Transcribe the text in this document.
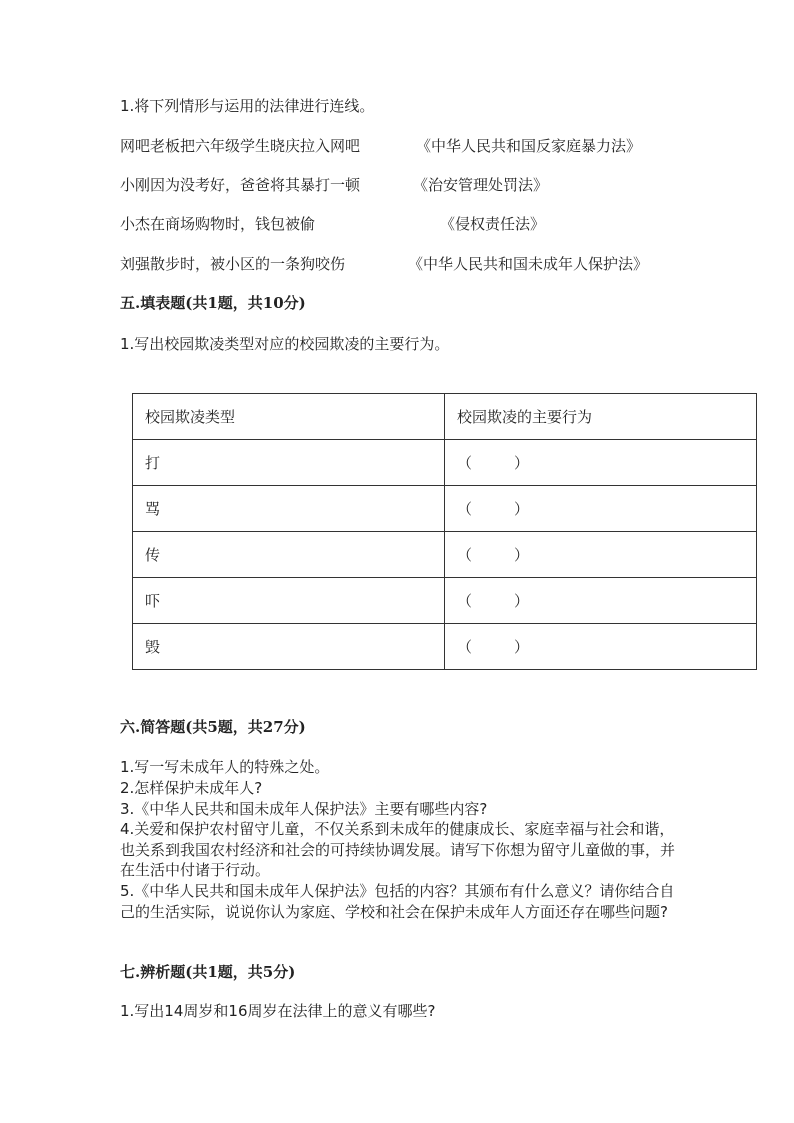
1.将下列情形与运用的法律进行连线。
网吧老板把六年级学生晓庆拉入网吧	《中华人民共和国反家庭暴力法》
小刚因为没考好，爸爸将其暴打一顿	《治安管理处罚法》
小杰在商场购物时，钱包被偷	《侵权责任法》
刘强散步时，被小区的一条狗咬伤	《中华人民共和国未成年人保护法》
五.填表题(共1题，共10分)
1.写出校园欺凌类型对应的校园欺凌的主要行为。
校园欺凌类型	校园欺凌的主要行为
打	（ ）

骂	（ ）

传	（ ）

吓	（ ）

毁	（ ）
六.简答题(共5题，共27分)
1.写一写未成年人的特殊之处。
2.怎样保护未成年人?
3.《中华人民共和国未成年人保护法》主要有哪些内容?
4.关爱和保护农村留守儿童，不仅关系到未成年的健康成长、家庭幸福与社会和谐，也关系到我国农村经济和社会的可持续协调发展。请写下你想为留守儿童做的事，并在生活中付诸于行动。
5.《中华人民共和国未成年人保护法》包括的内容？其颁布有什么意义？请你结合自己的生活实际，说说你认为家庭、学校和社会在保护未成年人方面还存在哪些问题?
七.辨析题(共1题，共5分)
1.写出14周岁和16周岁在法律上的意义有哪些?
